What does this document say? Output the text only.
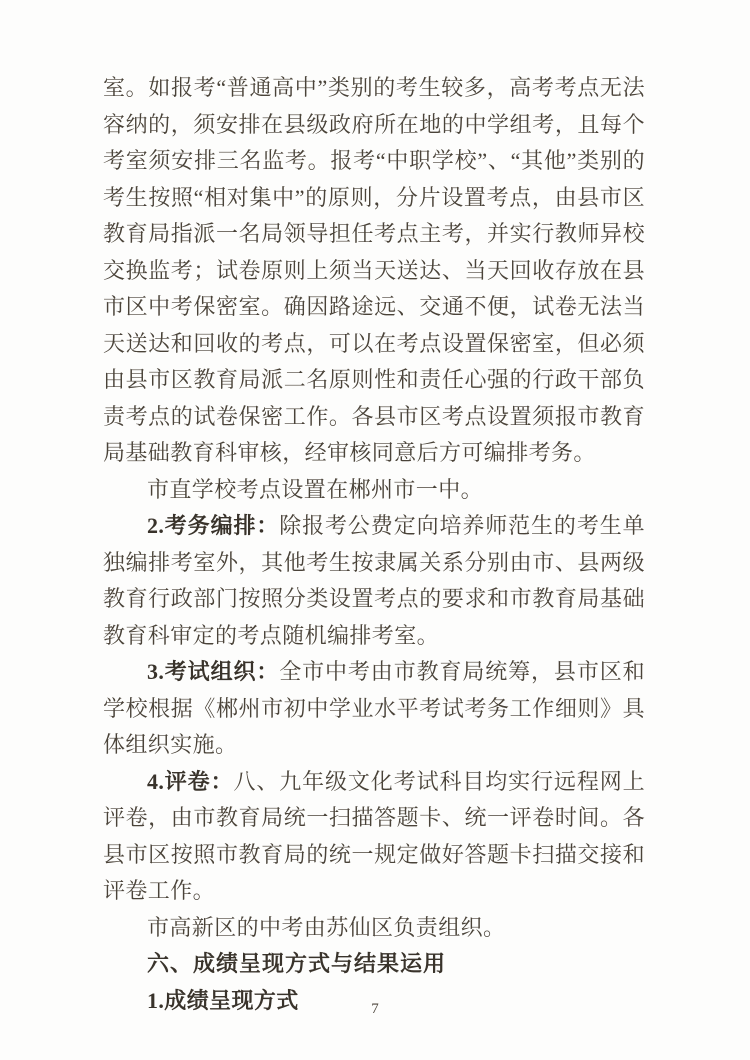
室。如报考“普通高中”类别的考生较多，高考考点无法容纳的，须安排在县级政府所在地的中学组考，且每个考室须安排三名监考。报考“中职学校”、“其他”类别的考生按照“相对集中”的原则，分片设置考点，由县市区教育局指派一名局领导担任考点主考，并实行教师异校交换监考；试卷原则上须当天送达、当天回收存放在县市区中考保密室。确因路途远、交通不便，试卷无法当天送达和回收的考点，可以在考点设置保密室，但必须由县市区教育局派二名原则性和责任心强的行政干部负责考点的试卷保密工作。各县市区考点设置须报市教育局基础教育科审核，经审核同意后方可编排考务。

市直学校考点设置在郴州市一中。

2.考务编排：除报考公费定向培养师范生的考生单独编排考室外，其他考生按隶属关系分别由市、县两级教育行政部门按照分类设置考点的要求和市教育局基础教育科审定的考点随机编排考室。

3.考试组织：全市中考由市教育局统筹，县市区和学校根据《郴州市初中学业水平考试考务工作细则》具体组织实施。

4.评卷：八、九年级文化考试科目均实行远程网上评卷，由市教育局统一扫描答题卡、统一评卷时间。各县市区按照市教育局的统一规定做好答题卡扫描交接和评卷工作。

市高新区的中考由苏仙区负责组织。

六、成绩呈现方式与结果运用

1.成绩呈现方式	7
